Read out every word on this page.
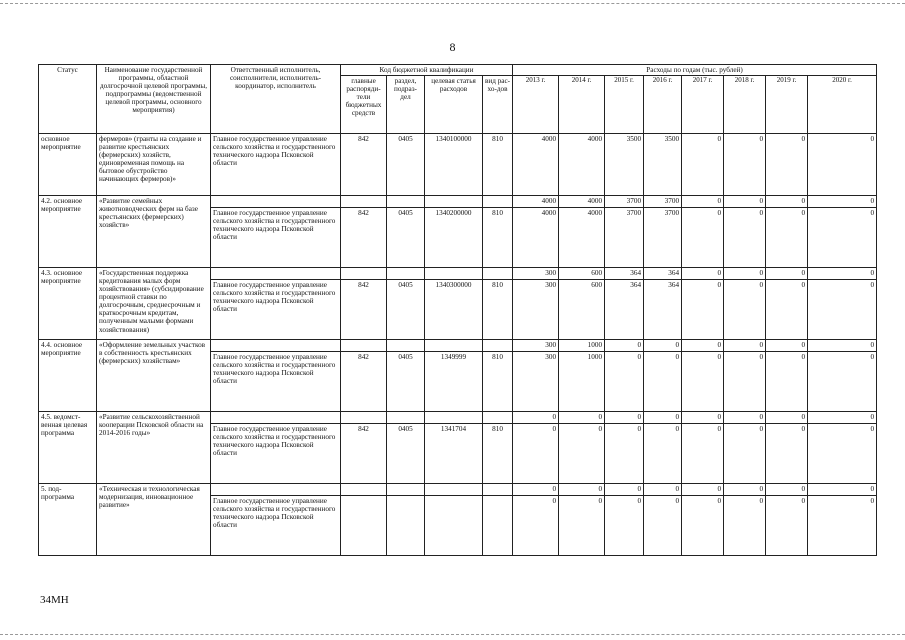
8
Статус	Наименование государственной программы, областной долгосрочной целевой программы, подпрограммы (ведомственной целевой программы, основного мероприятия)	Ответственный исполнитель, соисполнители, исполнитель-координатор, исполнитель	Код бюджетной квалификации				Расходы по годам (тыс. рублей)							
			главные распоряди-тели бюджетных средств	раздел, подраз-дел	целевая статья расходов	вид рас-хо-дов	2013 г.	2014 г.	2015 г.	2016 г.	2017 г.	2018 г.	2019 г.	2020 г.
основное мероприятие	фермеров» (гранты на создание и развитие крестьянских (фермерских) хозяйств, единовременная помощь на бытовое обустройство начинающих фермеров)»	Главное государственное управление сельского хозяйства и государственного технического надзора Псковской области	842	0405	1340100000	810	4000	4000	3500	3500	0	0	0	0
4.2. основное мероприятие	«Развитие семейных животноводческих ферм на базе крестьянских (фермерских) хозяйств»						4000	4000	3700	3700	0	0	0	0
		Главное государственное управление сельского хозяйства и государственного технического надзора Псковской области	842	0405	1340200000	810	4000	4000	3700	3700	0	0	0	0
4.3. основное мероприятие	«Государственная поддержка кредитования малых форм хозяйствования» (субсидирование процентной ставки по долгосрочным, среднесрочным и краткосрочным кредитам, полученным малыми формами хозяйствования)						300	600	364	364	0	0	0	0
		Главное государственное управление сельского хозяйства и государственного технического надзора Псковской области	842	0405	1340300000	810	300	600	364	364	0	0	0	0
4.4. основное мероприятие	«Оформление земельных участков в собственность крестьянских (фермерских) хозяйствам»						300	1000	0	0	0	0	0	0
		Главное государственное управление сельского хозяйства и государственного технического надзора Псковской области	842	0405	1349999	810	300	1000	0	0	0	0	0	0
4.5. ведомст-венная целевая программа	«Развитие сельскохозяйственной кооперации Псковской области на 2014-2016 годы»						0	0	0	0	0	0	0	0
		Главное государственное управление сельского хозяйства и государственного технического надзора Псковской области	842	0405	1341704	810	0	0	0	0	0	0	0	0
5. под-программа	«Техническая и технологическая модернизация, инновационное развитие»						0	0	0	0	0	0	0	0
		Главное государственное управление сельского хозяйства и государственного технического надзора Псковской области					0	0	0	0	0	0	0	0
34МН
